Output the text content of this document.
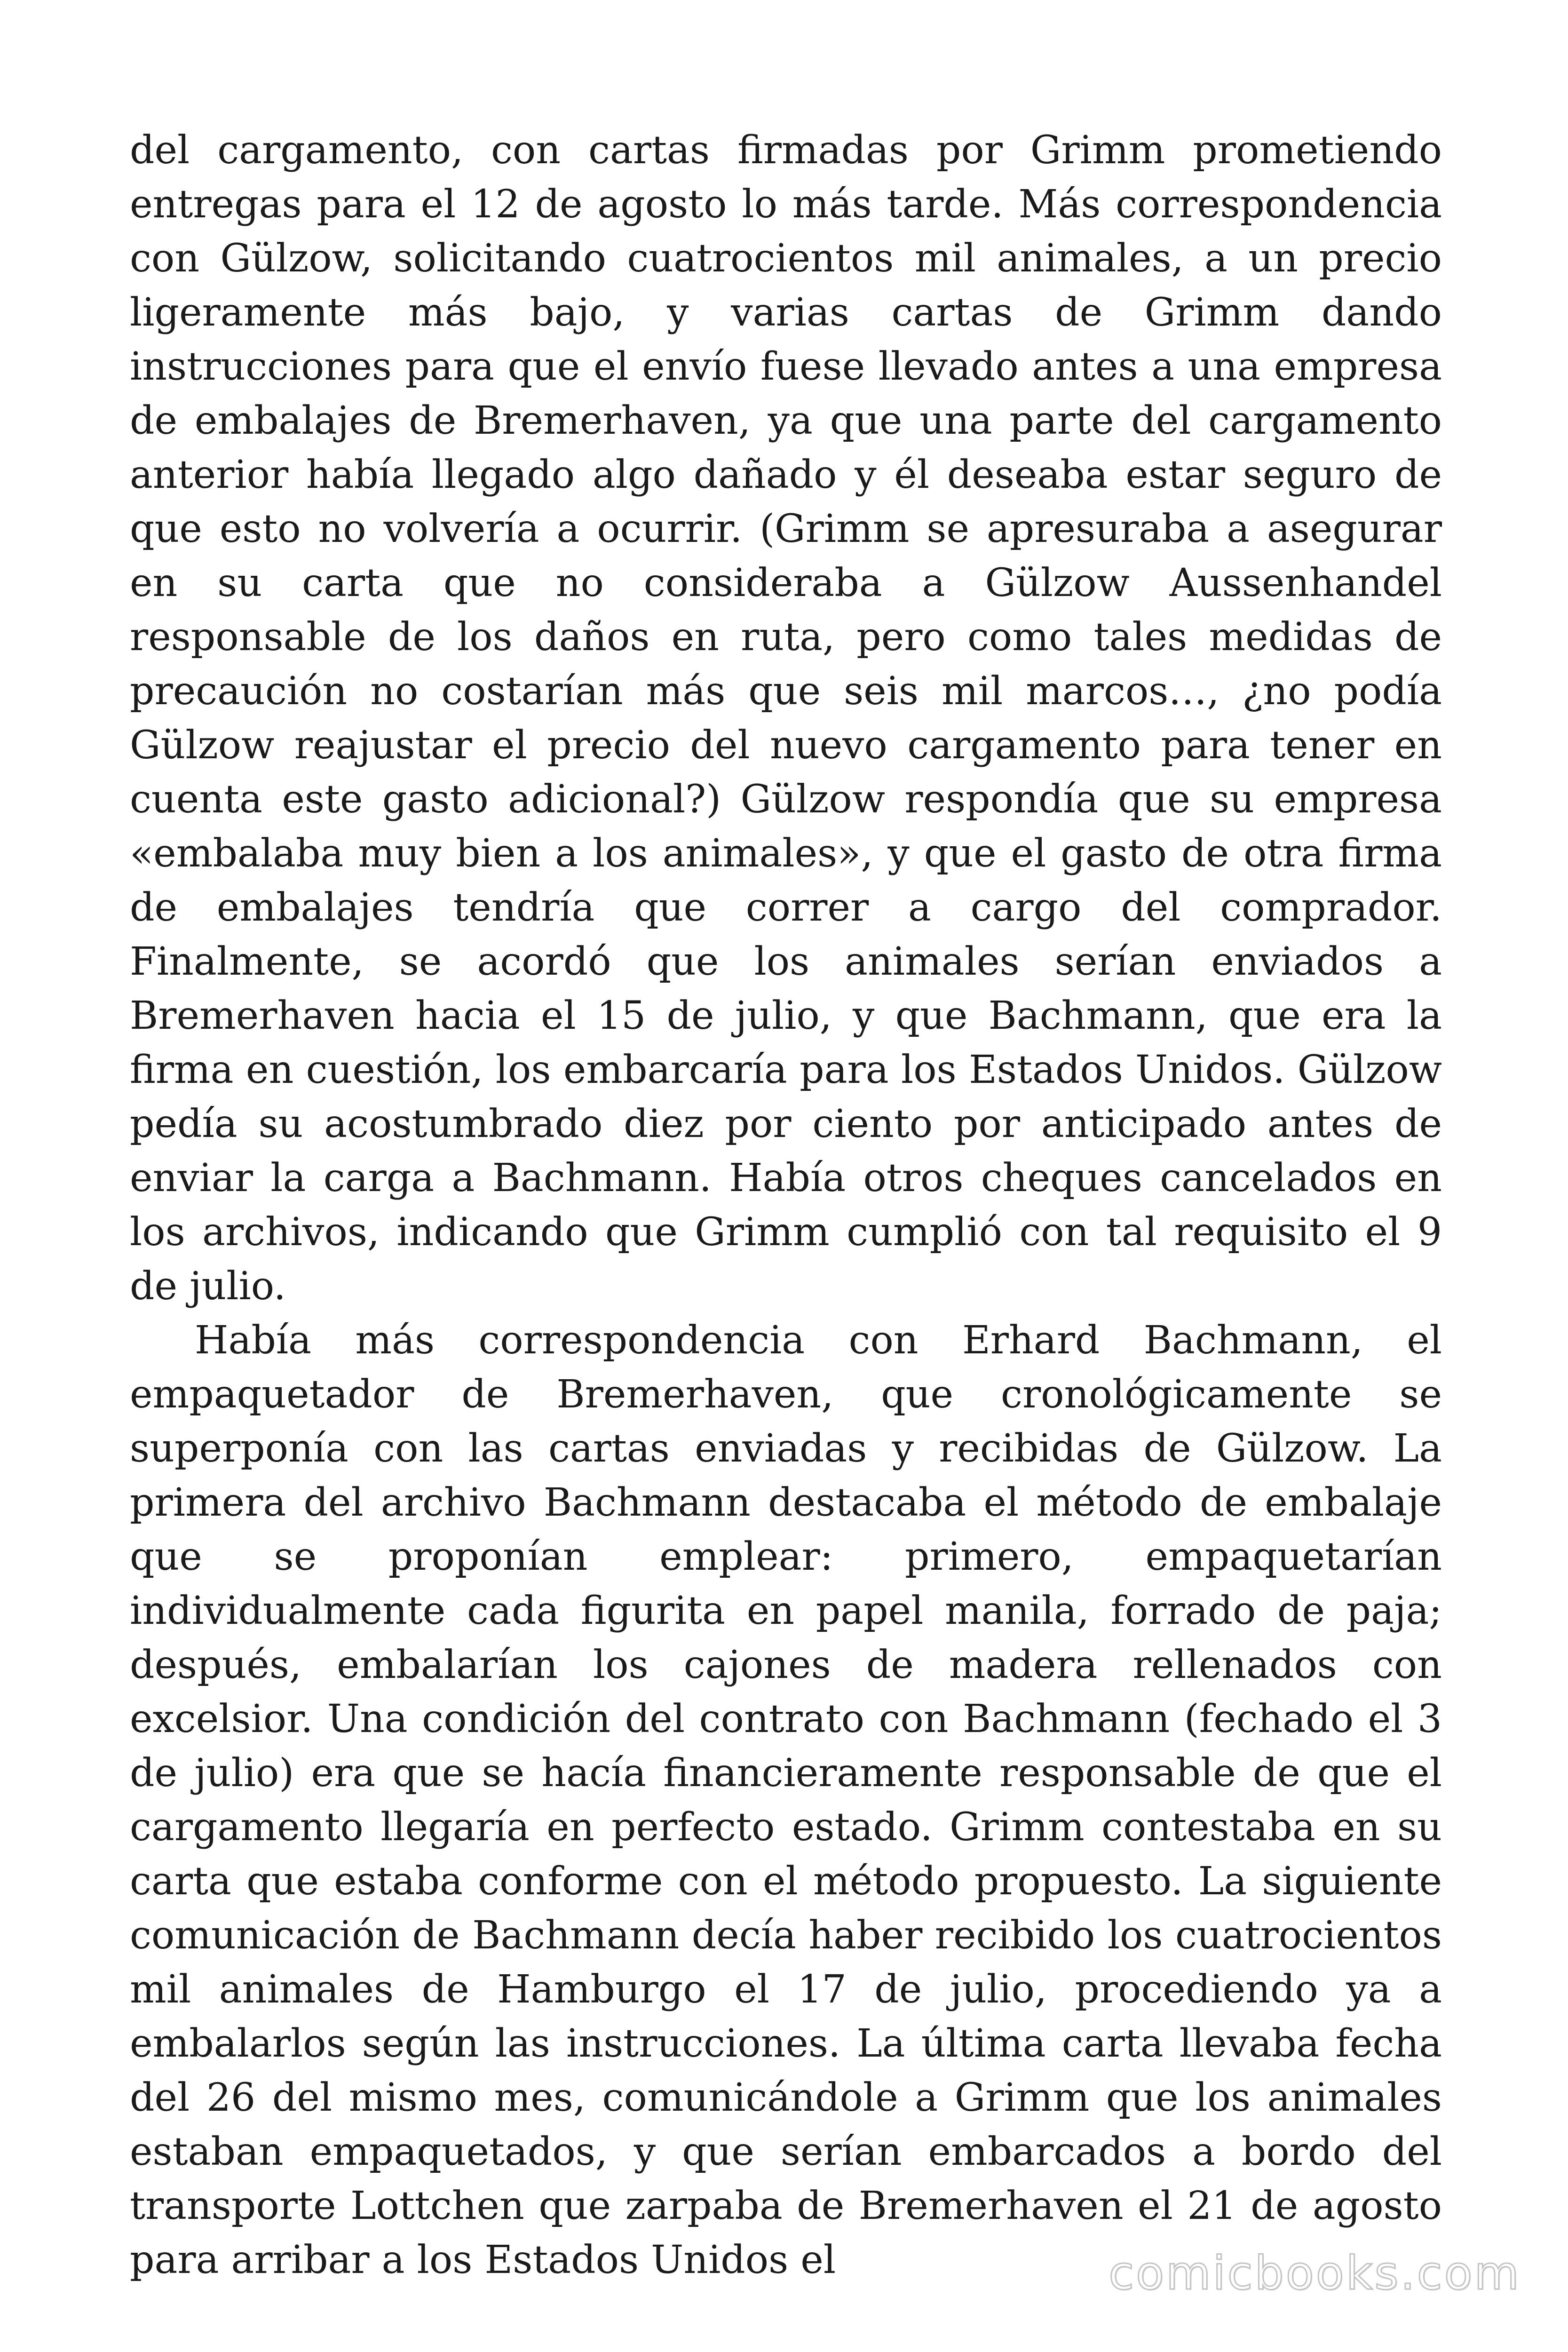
del cargamento, con cartas firmadas por Grimm prometiendo entregas para el 12 de agosto lo más tarde. Más correspondencia con Gülzow, solicitando cuatrocientos mil animales, a un precio ligeramente más bajo, y varias cartas de Grimm dando instrucciones para que el envío fuese llevado antes a una empresa de embalajes de Bremerhaven, ya que una parte del cargamento anterior había llegado algo dañado y él deseaba estar seguro de que esto no volvería a ocurrir. (Grimm se apresuraba a asegurar en su carta que no consideraba a Gülzow Aussenhandel responsable de los daños en ruta, pero como tales medidas de precaución no costarían más que seis mil marcos…, ¿no podía Gülzow reajustar el precio del nuevo cargamento para tener en cuenta este gasto adicional?) Gülzow respondía que su empresa «embalaba muy bien a los animales», y que el gasto de otra firma de embalajes tendría que correr a cargo del comprador. Finalmente, se acordó que los animales serían enviados a Bremerhaven hacia el 15 de julio, y que Bachmann, que era la firma en cuestión, los embarcaría para los Estados Unidos. Gülzow pedía su acostumbrado diez por ciento por anticipado antes de enviar la carga a Bachmann. Había otros cheques cancelados en los archivos, indicando que Grimm cumplió con tal requisito el 9 de julio.

Había más correspondencia con Erhard Bachmann, el empaquetador de Bremerhaven, que cronológicamente se superponía con las cartas enviadas y recibidas de Gülzow. La primera del archivo Bachmann destacaba el método de embalaje que se proponían emplear: primero, empaquetarían individualmente cada figurita en papel manila, forrado de paja; después, embalarían los cajones de madera rellenados con excelsior. Una condición del contrato con Bachmann (fechado el 3 de julio) era que se hacía financieramente responsable de que el cargamento llegaría en perfecto estado. Grimm contestaba en su carta que estaba conforme con el método propuesto. La siguiente comunicación de Bachmann decía haber recibido los cuatrocientos mil animales de Hamburgo el 17 de julio, procediendo ya a embalarlos según las instrucciones. La última carta llevaba fecha del 26 del mismo mes, comunicándole a Grimm que los animales estaban empaquetados, y que serían embarcados a bordo del transporte Lottchen que zarpaba de Bremerhaven el 21 de agosto para arribar a los Estados Unidos el	comicbooks.com
